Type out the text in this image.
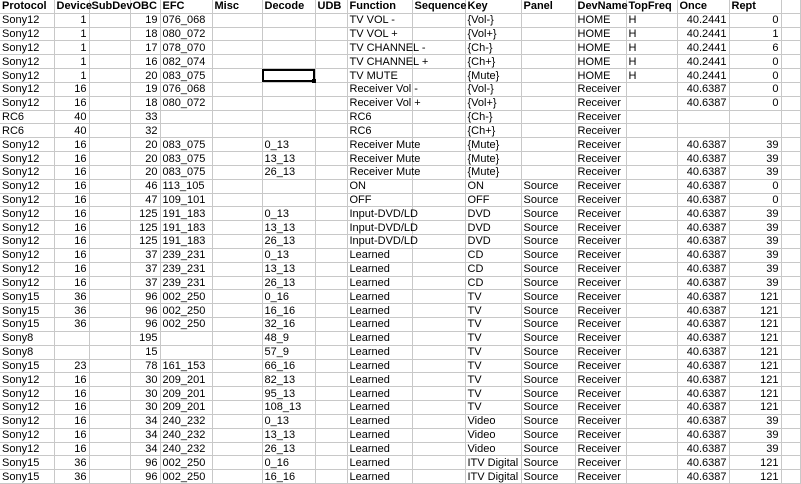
Protocol	Device	SubDev	OBC	EFC	Misc	Decode	UDB	Function	Sequence	Key	Panel	DevName	TopFreq	Once	Rept	
Sony12	1		19	076_068				TV VOL -		{Vol-}		HOME	H	40.2441	0	
Sony12	1		18	080_072				TV VOL +		{Vol+}		HOME	H	40.2441	1	
Sony12	1		17	078_070				TV CHANNEL -		{Ch-}		HOME	H	40.2441	6	
Sony12	1		16	082_074				TV CHANNEL +		{Ch+}		HOME	H	40.2441	0	
Sony12	1		20	083_075				TV MUTE		{Mute}		HOME	H	40.2441	0	
Sony12	16		19	076_068				Receiver Vol -		{Vol-}		Receiver		40.6387	0	
Sony12	16		18	080_072				Receiver Vol +		{Vol+}		Receiver		40.6387	0	
RC6	40		33					RC6		{Ch-}		Receiver				
RC6	40		32					RC6		{Ch+}		Receiver				
Sony12	16		20	083_075		0_13		Receiver Mute		{Mute}		Receiver		40.6387	39	
Sony12	16		20	083_075		13_13		Receiver Mute		{Mute}		Receiver		40.6387	39	
Sony12	16		20	083_075		26_13		Receiver Mute		{Mute}		Receiver		40.6387	39	
Sony12	16		46	113_105				ON		ON	Source	Receiver		40.6387	0	
Sony12	16		47	109_101				OFF		OFF	Source	Receiver		40.6387	0	
Sony12	16		125	191_183		0_13		Input-DVD/LD		DVD	Source	Receiver		40.6387	39	
Sony12	16		125	191_183		13_13		Input-DVD/LD		DVD	Source	Receiver		40.6387	39	
Sony12	16		125	191_183		26_13		Input-DVD/LD		DVD	Source	Receiver		40.6387	39	
Sony12	16		37	239_231		0_13		Learned		CD	Source	Receiver		40.6387	39	
Sony12	16		37	239_231		13_13		Learned		CD	Source	Receiver		40.6387	39	
Sony12	16		37	239_231		26_13		Learned		CD	Source	Receiver		40.6387	39	
Sony15	36		96	002_250		0_16		Learned		TV	Source	Receiver		40.6387	121	
Sony15	36		96	002_250		16_16		Learned		TV	Source	Receiver		40.6387	121	
Sony15	36		96	002_250		32_16		Learned		TV	Source	Receiver		40.6387	121	
Sony8			195			48_9		Learned		TV	Source	Receiver		40.6387	121	
Sony8			15			57_9		Learned		TV	Source	Receiver		40.6387	121	
Sony15	23		78	161_153		66_16		Learned		TV	Source	Receiver		40.6387	121	
Sony12	16		30	209_201		82_13		Learned		TV	Source	Receiver		40.6387	121	
Sony12	16		30	209_201		95_13		Learned		TV	Source	Receiver		40.6387	121	
Sony12	16		30	209_201		108_13		Learned		TV	Source	Receiver		40.6387	121	
Sony12	16		34	240_232		0_13		Learned		Video	Source	Receiver		40.6387	39	
Sony12	16		34	240_232		13_13		Learned		Video	Source	Receiver		40.6387	39	
Sony12	16		34	240_232		26_13		Learned		Video	Source	Receiver		40.6387	39	
Sony15	36		96	002_250		0_16		Learned		ITV Digital	Source	Receiver		40.6387	121	
Sony15	36		96	002_250		16_16		Learned		ITV Digital	Source	Receiver		40.6387	121	
